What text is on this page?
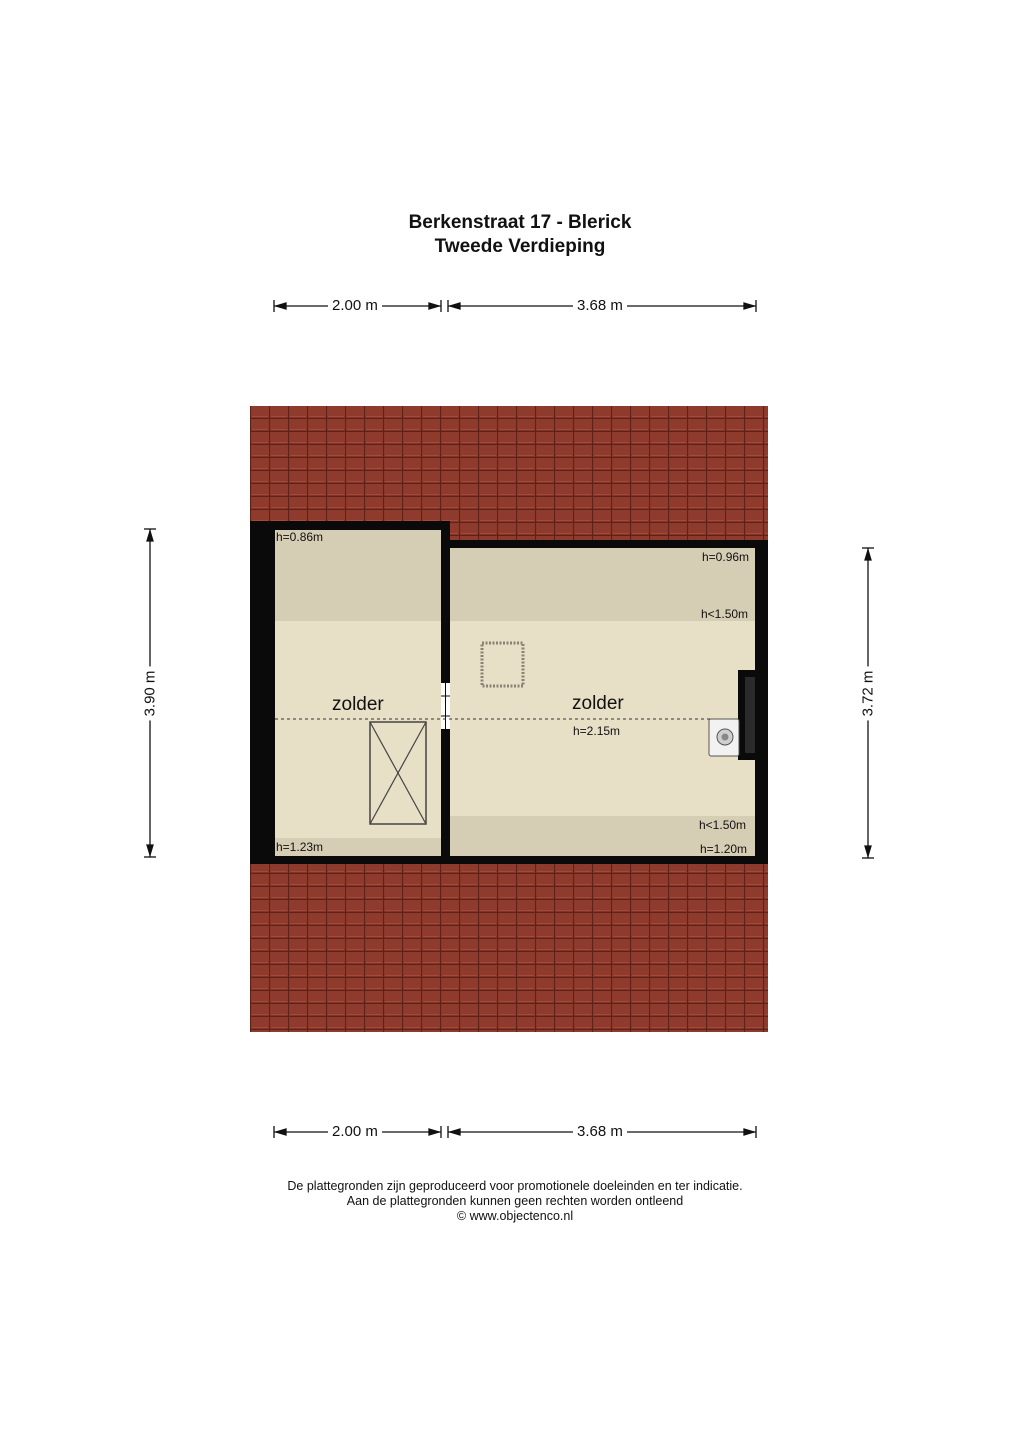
Berkenstraat 17 - Blerick
Tweede Verdieping
2.00 m	3.68 m
2.00 m	3.68 m
3.90 m	3.72 m
zolder
h=0.86m
h=1.23m
zolder
h=2.15m
h=0.96m
h<1.50m
h<1.50m
h=1.20m
De plattegronden zijn geproduceerd voor promotionele doeleinden en ter indicatie.
Aan de plattegronden kunnen geen rechten worden ontleend
© www.objectenco.nl
